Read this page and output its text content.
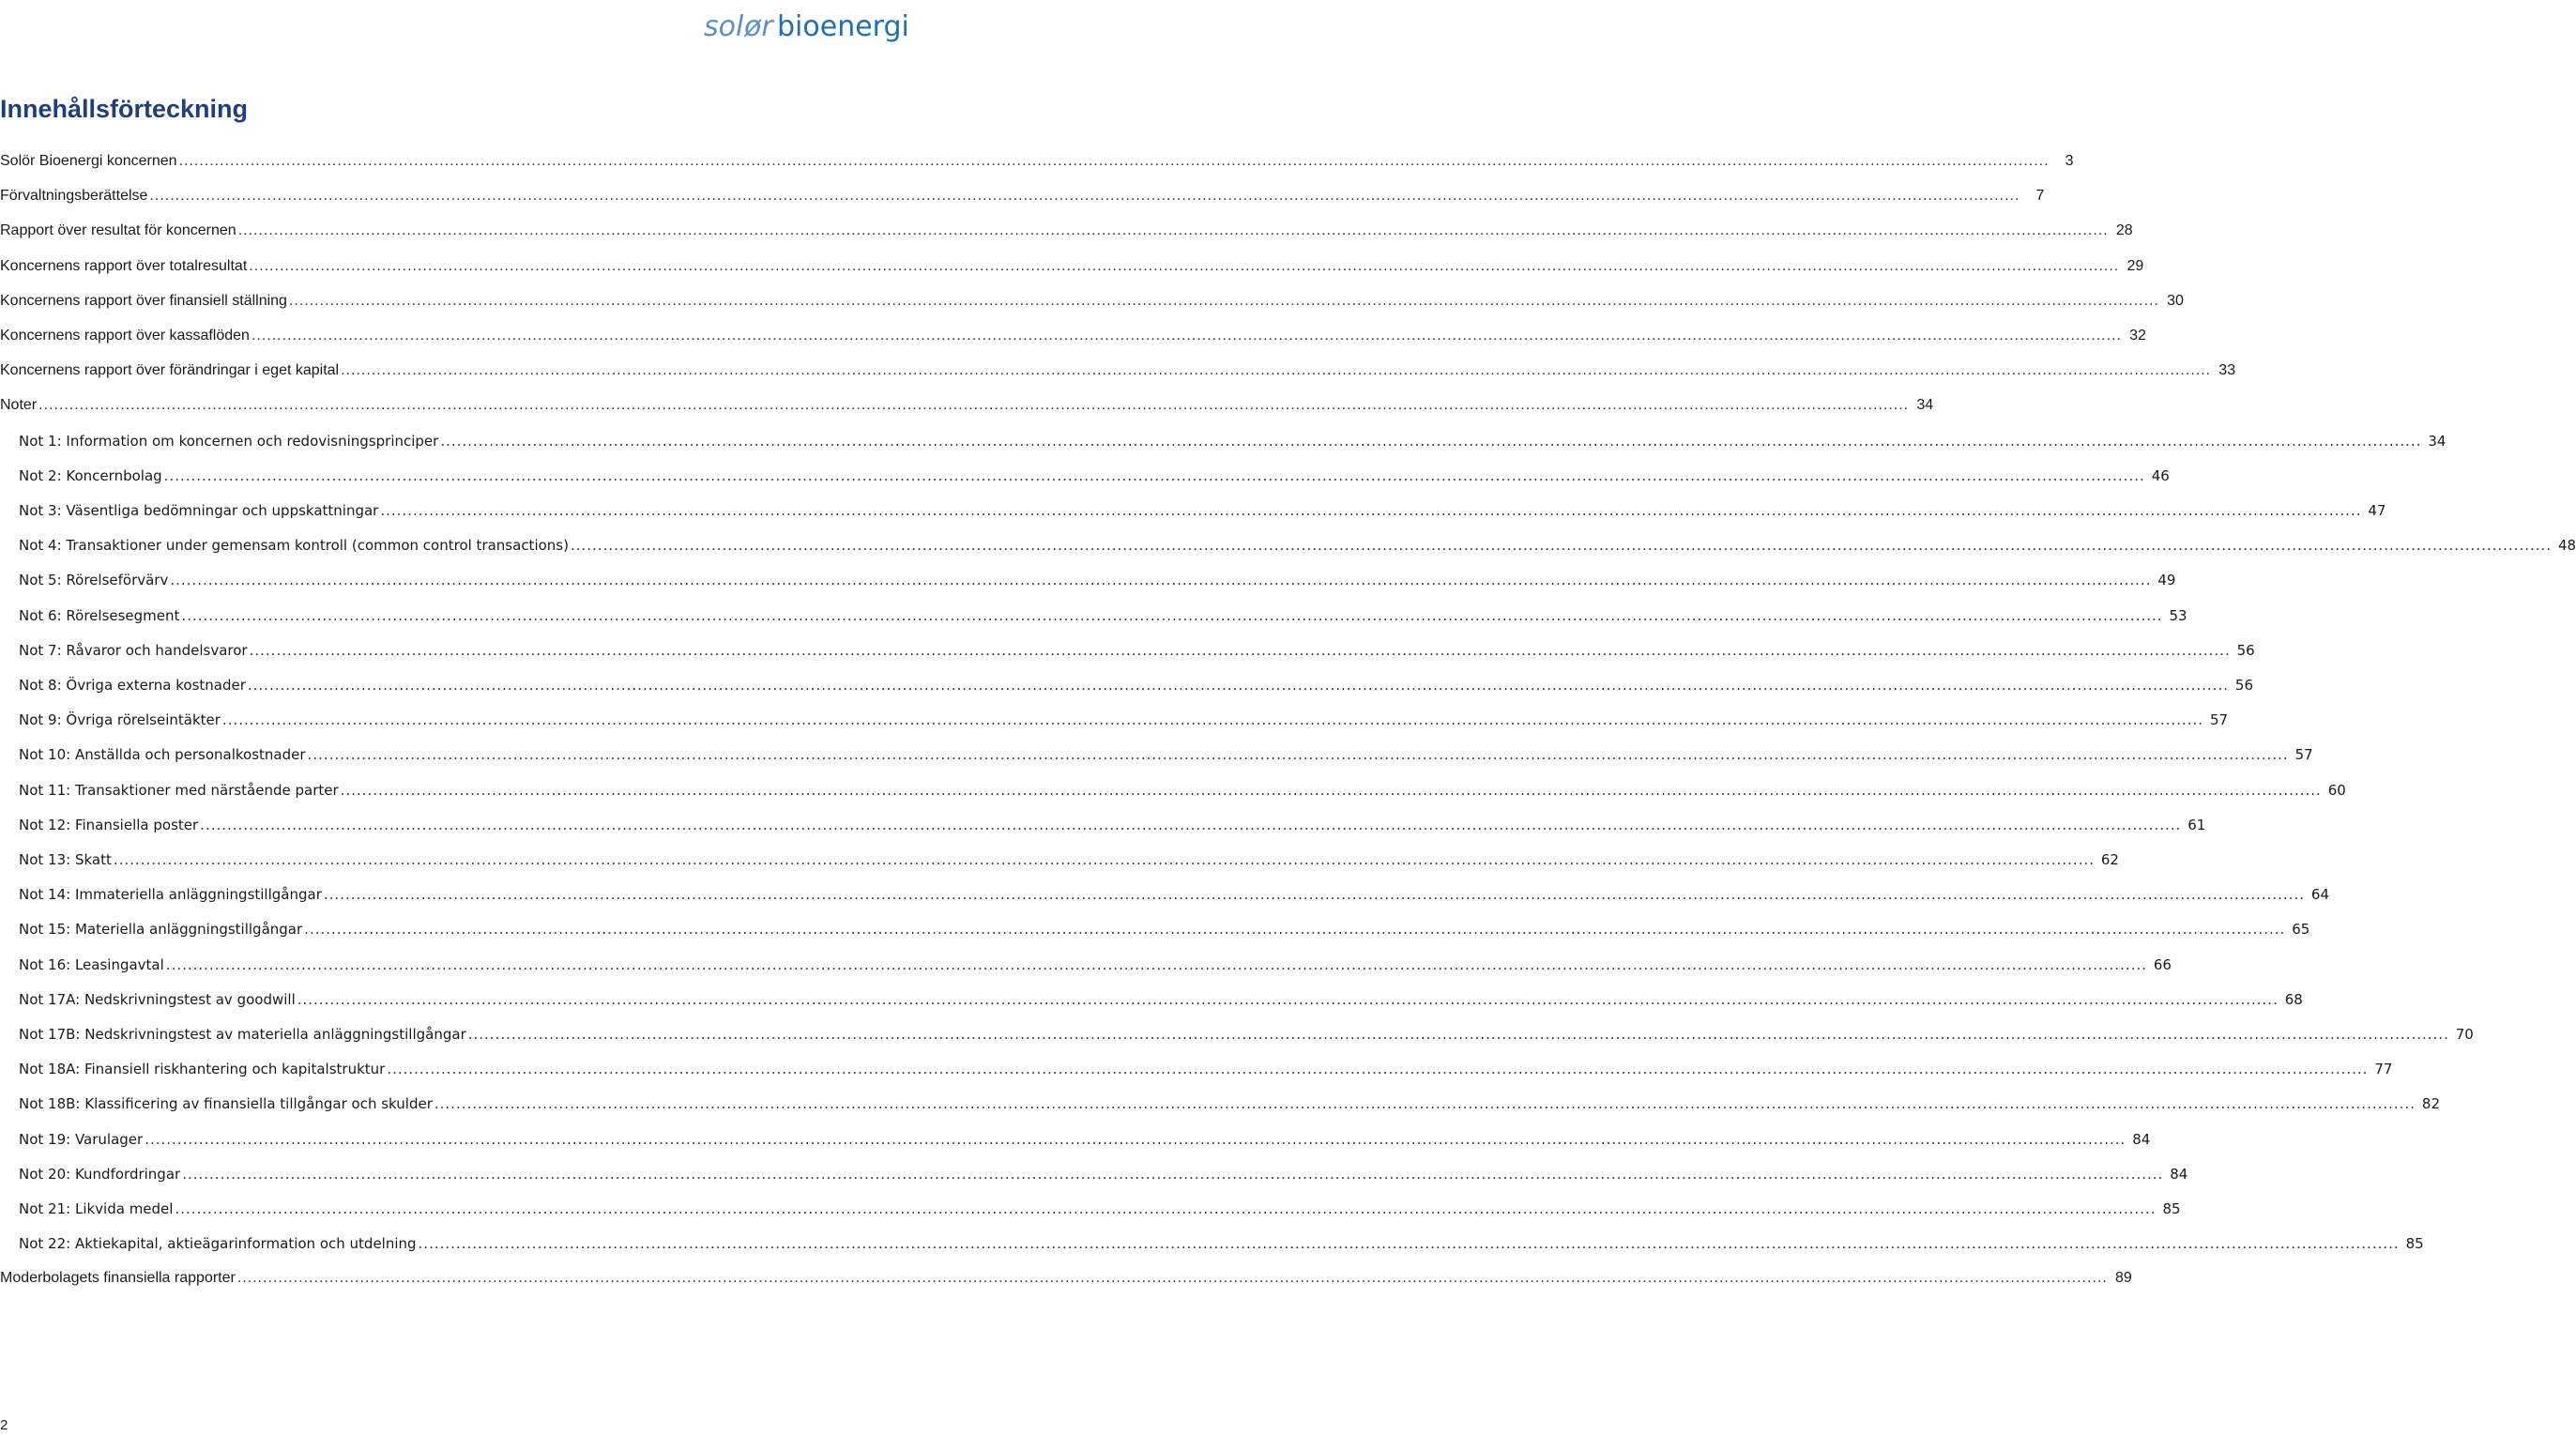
sol ør bioenergi
Innehållsförteckning
Solör Bioenergi koncernen .....	3
Förvaltningsberättelse .....	7
Rapport över resultat för koncernen .....	28
Koncernens rapport över totalresultat .....	29
Koncernens rapport över finansiell ställning .....	30
Koncernens rapport över kassaflöden .....	32
Koncernens rapport över förändringar i eget kapital .....	33
Noter .....	34
Not 1: Information om koncernen och redovisningsprinciper .....	34
Not 2: Koncernbolag .....	46
Not 3: Väsentliga bedömningar och uppskattningar .....	47
Not 4: Transaktioner under gemensam kontroll (common control transactions) .....	48
Not 5: Rörelseförvärv .....	49
Not 6: Rörelsesegment .....	53
Not 7: Råvaror och handelsvaror .....	56
Not 8: Övriga externa kostnader .....	56
Not 9: Övriga rörelseintäkter .....	57
Not 10: Anställda och personalkostnader .....	57
Not 11: Transaktioner med närstående parter .....	60
Not 12: Finansiella poster .....	61
Not 13: Skatt .....	62
Not 14: Immateriella anläggningstillgångar .....	64
Not 15: Materiella anläggningstillgångar .....	65
Not 16: Leasingavtal .....	66
Not 17A: Nedskrivningstest av goodwill .....	68
Not 17B: Nedskrivningstest av materiella anläggningstillgångar .....	70
Not 18A: Finansiell riskhantering och kapitalstruktur .....	77
Not 18B: Klassificering av finansiella tillgångar och skulder .....	82
Not 19: Varulager .....	84
Not 20: Kundfordringar .....	84
Not 21: Likvida medel .....	85
Not 22: Aktiekapital, aktieägarinformation och utdelning .....	85
Moderbolagets finansiella rapporter .....	89
2
